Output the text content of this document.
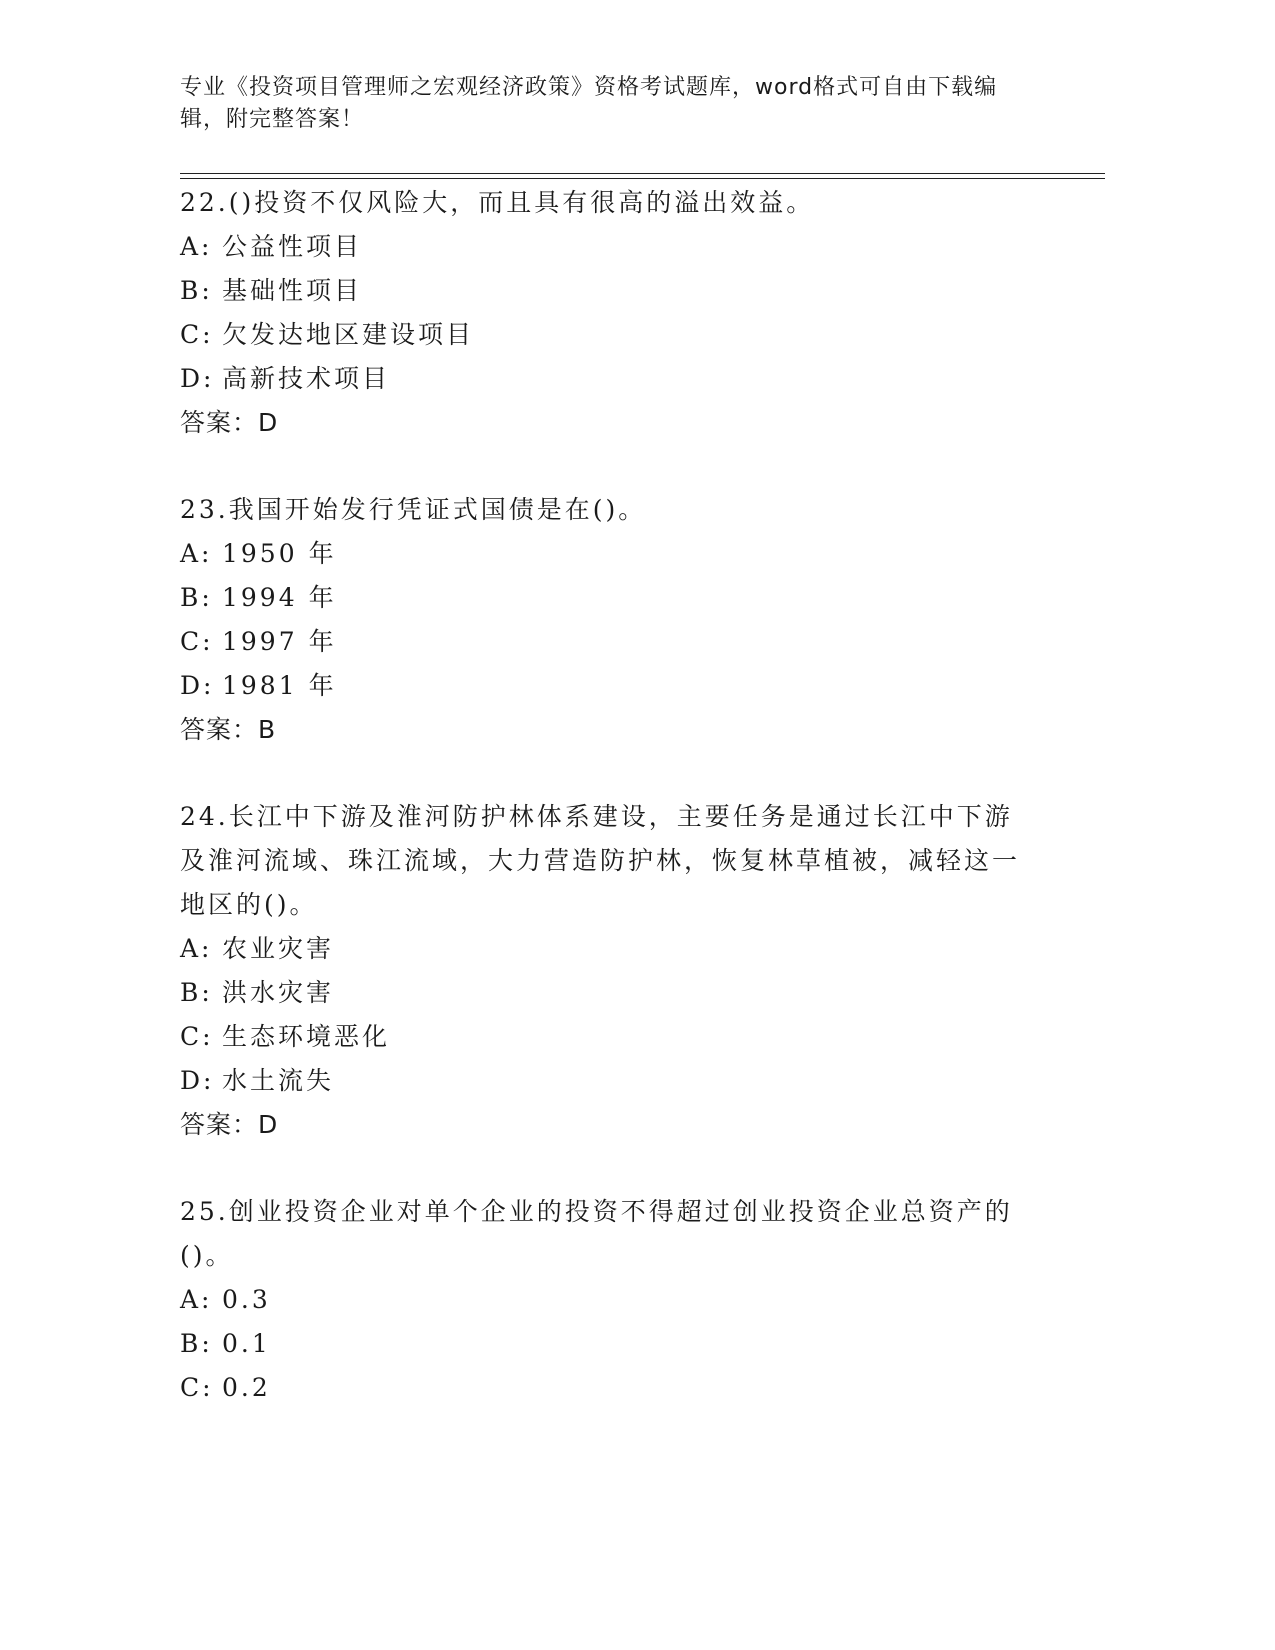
专业《投资项目管理师之宏观经济政策》资格考试题库，word格式可自由下载编辑，附完整答案！
22.()投资不仅风险大，而且具有很高的溢出效益。
A: 公益性项目
B: 基础性项目
C: 欠发达地区建设项目
D: 高新技术项目
答案：D
23.我国开始发行凭证式国债是在()。
A: 1950 年
B: 1994 年
C: 1997 年
D: 1981 年
答案：B
24.长江中下游及淮河防护林体系建设，主要任务是通过长江中下游及淮河流域、珠江流域，大力营造防护林，恢复林草植被，减轻这一地区的()。
A: 农业灾害
B: 洪水灾害
C: 生态环境恶化
D: 水土流失
答案：D
25.创业投资企业对单个企业的投资不得超过创业投资企业总资产的()。
A: 0.3
B: 0.1
C: 0.2
